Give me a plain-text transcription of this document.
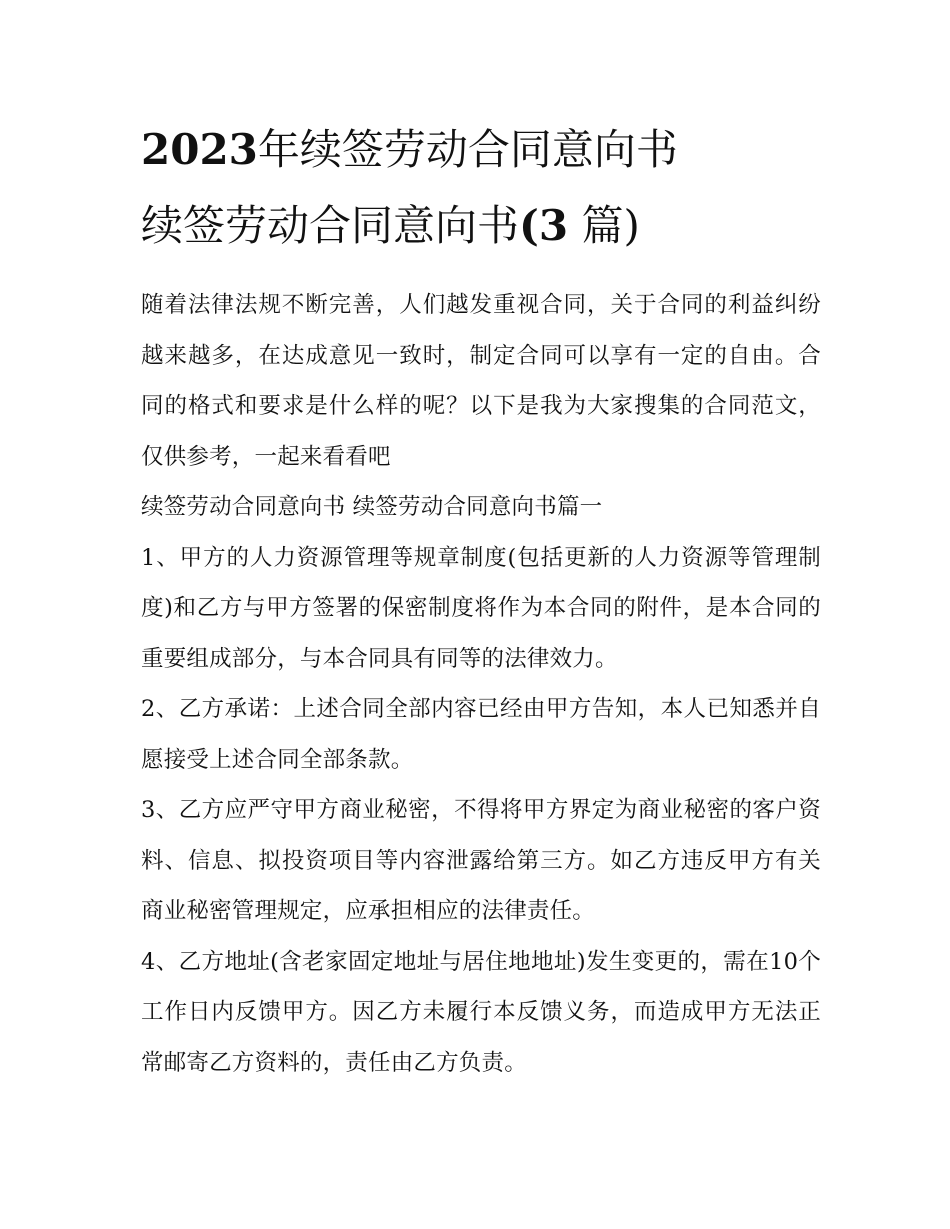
2023年续签劳动合同意向书
续签劳动合同意向书(3 篇)

随着法律法规不断完善，人们越发重视合同，关于合同的利益纠纷越来越多，在达成意见一致时，制定合同可以享有一定的自由。合同的格式和要求是什么样的呢？以下是我为大家搜集的合同范文，仅供参考，一起来看看吧

续签劳动合同意向书 续签劳动合同意向书篇一

1、甲方的人力资源管理等规章制度(包括更新的人力资源等管理制度)和乙方与甲方签署的保密制度将作为本合同的附件，是本合同的重要组成部分，与本合同具有同等的法律效力。

2、乙方承诺：上述合同全部内容已经由甲方告知，本人已知悉并自愿接受上述合同全部条款。

3、乙方应严守甲方商业秘密，不得将甲方界定为商业秘密的客户资料、信息、拟投资项目等内容泄露给第三方。如乙方违反甲方有关商业秘密管理规定，应承担相应的法律责任。

4、乙方地址(含老家固定地址与居住地地址)发生变更的，需在10个工作日内反馈甲方。因乙方未履行本反馈义务，而造成甲方无法正常邮寄乙方资料的，责任由乙方负责。
